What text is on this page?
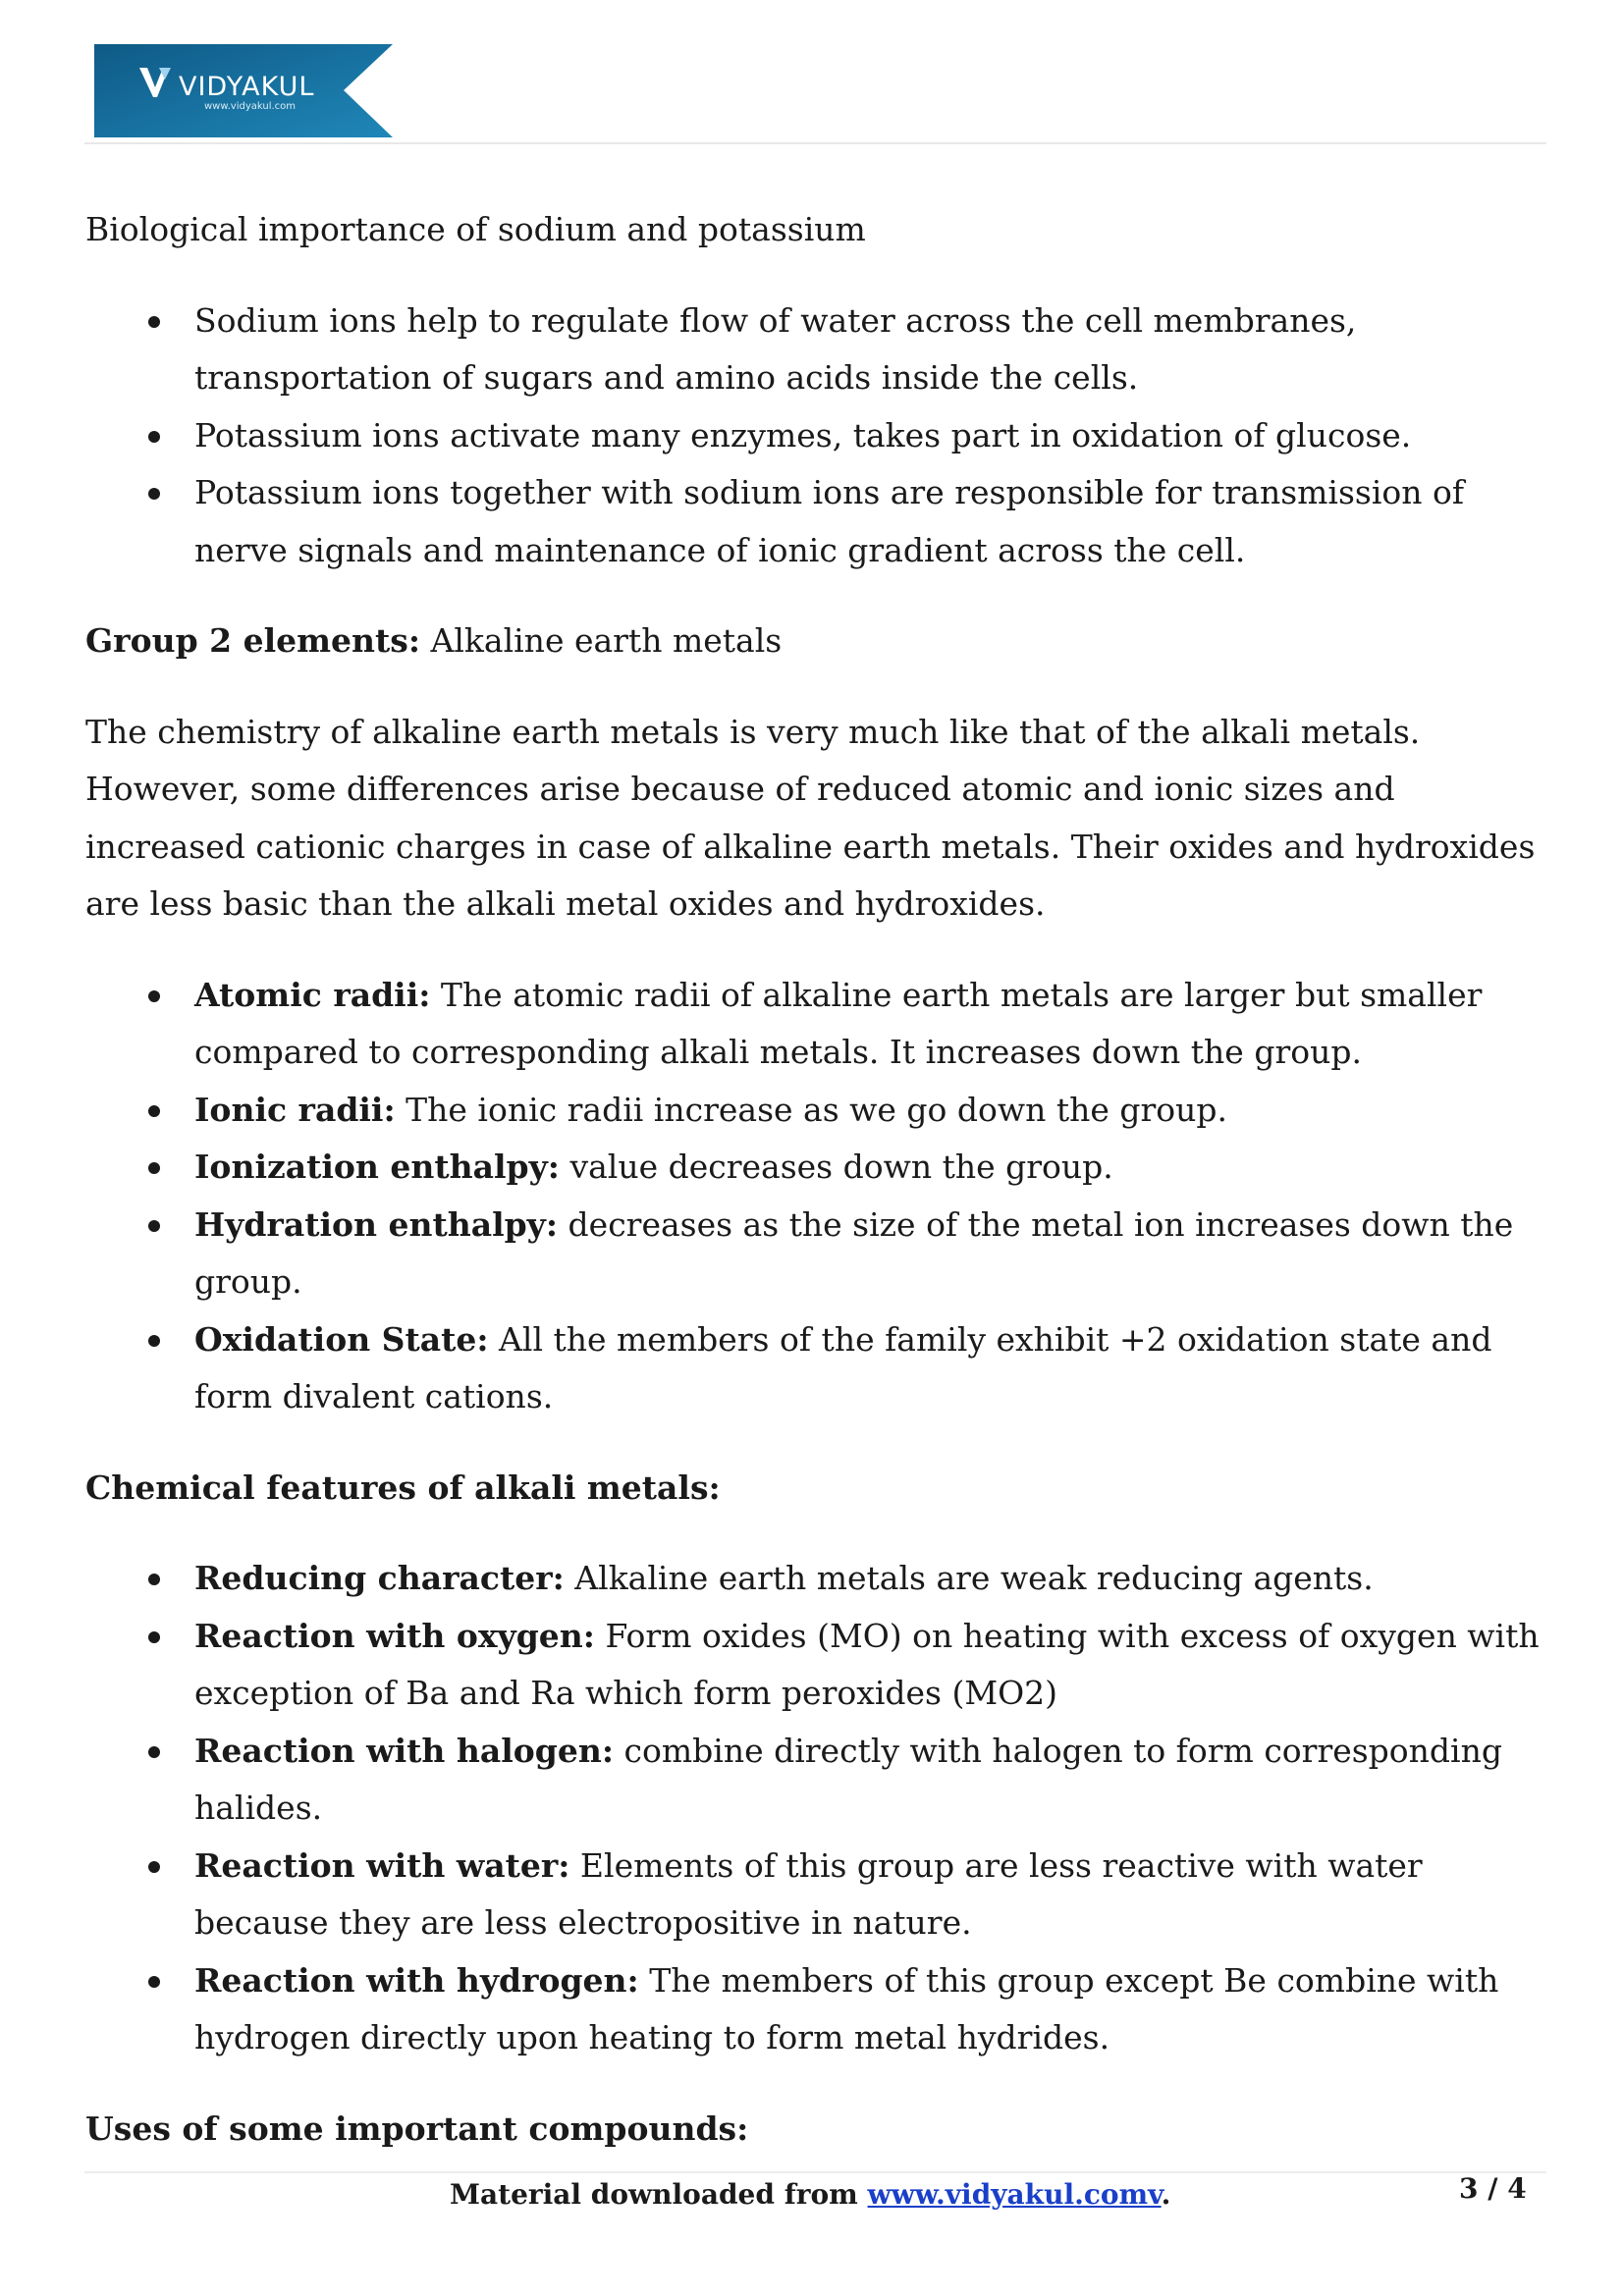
VIDYAKUL
www.vidyakul.com

Biological importance of sodium and potassium

Sodium ions help to regulate flow of water across the cell membranes, transportation of sugars and amino acids inside the cells.
Potassium ions activate many enzymes, takes part in oxidation of glucose.
Potassium ions together with sodium ions are responsible for transmission of nerve signals and maintenance of ionic gradient across the cell.

Group 2 elements: Alkaline earth metals

The chemistry of alkaline earth metals is very much like that of the alkali metals. However, some differences arise because of reduced atomic and ionic sizes and increased cationic charges in case of alkaline earth metals. Their oxides and hydroxides are less basic than the alkali metal oxides and hydroxides.

Atomic radii: The atomic radii of alkaline earth metals are larger but smaller compared to corresponding alkali metals. It increases down the group.
Ionic radii: The ionic radii increase as we go down the group.
Ionization enthalpy: value decreases down the group.
Hydration enthalpy: decreases as the size of the metal ion increases down the group.
Oxidation State: All the members of the family exhibit +2 oxidation state and form divalent cations.

Chemical features of alkali metals:

Reducing character: Alkaline earth metals are weak reducing agents.
Reaction with oxygen: Form oxides (MO) on heating with excess of oxygen with exception of Ba and Ra which form peroxides (MO2)
Reaction with halogen: combine directly with halogen to form corresponding halides.
Reaction with water: Elements of this group are less reactive with water because they are less electropositive in nature.
Reaction with hydrogen: The members of this group except Be combine with hydrogen directly upon heating to form metal hydrides.

Uses of some important compounds:

Material downloaded from www.vidyakul.comv.	3 / 4
